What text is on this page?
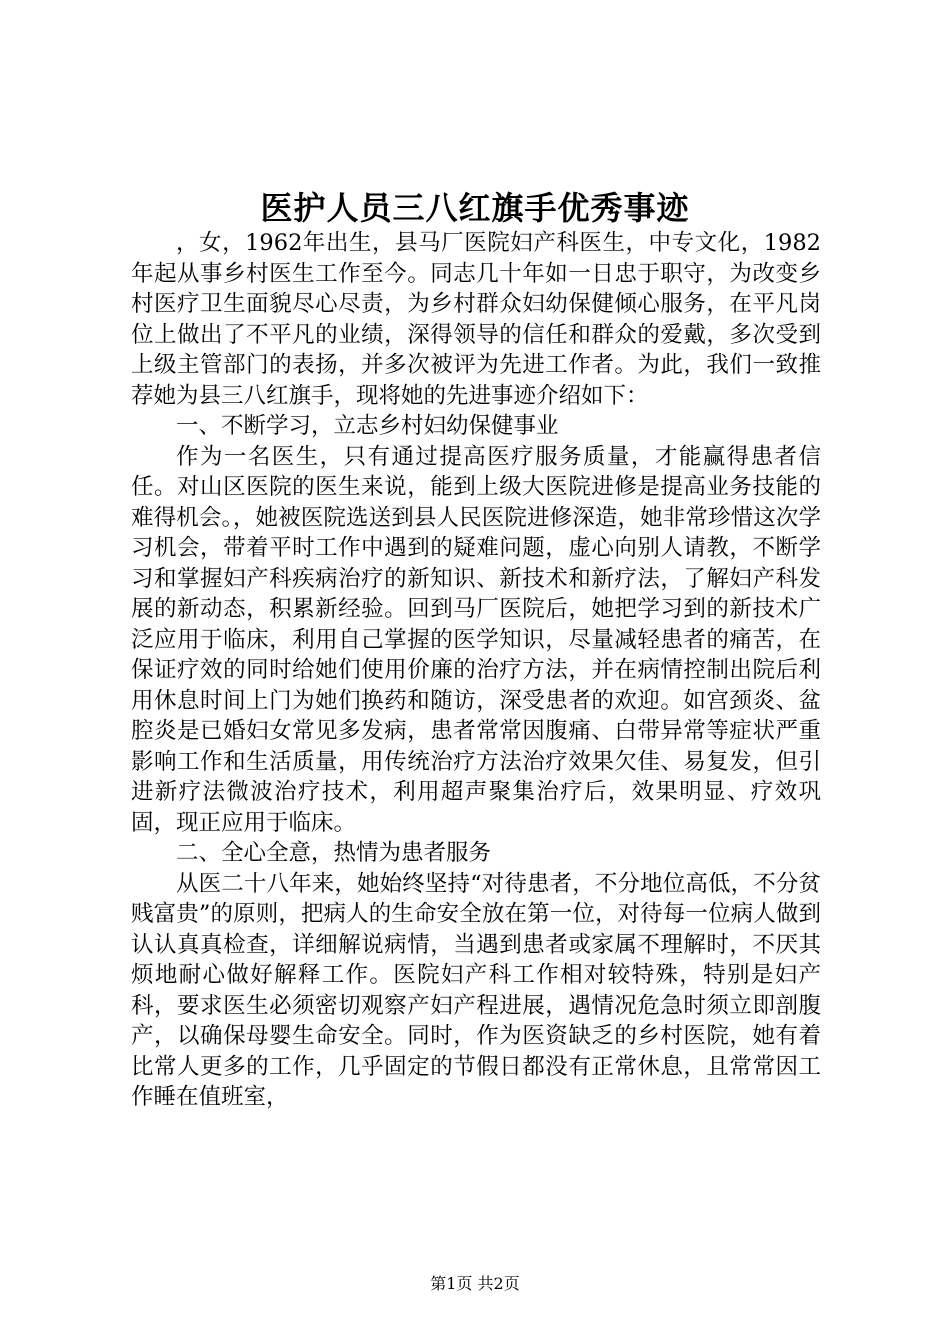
医护人员三八红旗手优秀事迹

，女，1962年出生，县马厂医院妇产科医生，中专文化，1982年起从事乡村医生工作至今。同志几十年如一日忠于职守，为改变乡村医疗卫生面貌尽心尽责，为乡村群众妇幼保健倾心服务，在平凡岗位上做出了不平凡的业绩，深得领导的信任和群众的爱戴，多次受到上级主管部门的表扬，并多次被评为先进工作者。为此，我们一致推荐她为县三八红旗手，现将她的先进事迹介绍如下：

一、不断学习，立志乡村妇幼保健事业

作为一名医生，只有通过提高医疗服务质量，才能赢得患者信任。对山区医院的医生来说，能到上级大医院进修是提高业务技能的难得机会。，她被医院选送到县人民医院进修深造，她非常珍惜这次学习机会，带着平时工作中遇到的疑难问题，虚心向别人请教，不断学习和掌握妇产科疾病治疗的新知识、新技术和新疗法，了解妇产科发展的新动态，积累新经验。回到马厂医院后，她把学习到的新技术广泛应用于临床，利用自己掌握的医学知识，尽量减轻患者的痛苦，在保证疗效的同时给她们使用价廉的治疗方法，并在病情控制出院后利用休息时间上门为她们换药和随访，深受患者的欢迎。如宫颈炎、盆腔炎是已婚妇女常见多发病，患者常常因腹痛、白带异常等症状严重影响工作和生活质量，用传统治疗方法治疗效果欠佳、易复发，但引进新疗法微波治疗技术，利用超声聚集治疗后，效果明显、疗效巩固，现正应用于临床。

二、全心全意，热情为患者服务

从医二十八年来，她始终坚持“对待患者，不分地位高低，不分贫贱富贵”的原则，把病人的生命安全放在第一位，对待每一位病人做到认认真真检查，详细解说病情，当遇到患者或家属不理解时，不厌其烦地耐心做好解释工作。医院妇产科工作相对较特殊，特别是妇产科，要求医生必须密切观察产妇产程进展，遇情况危急时须立即剖腹产，以确保母婴生命安全。同时，作为医资缺乏的乡村医院，她有着比常人更多的工作，几乎固定的节假日都没有正常休息，且常常因工作睡在值班室，

第1页 共2页
